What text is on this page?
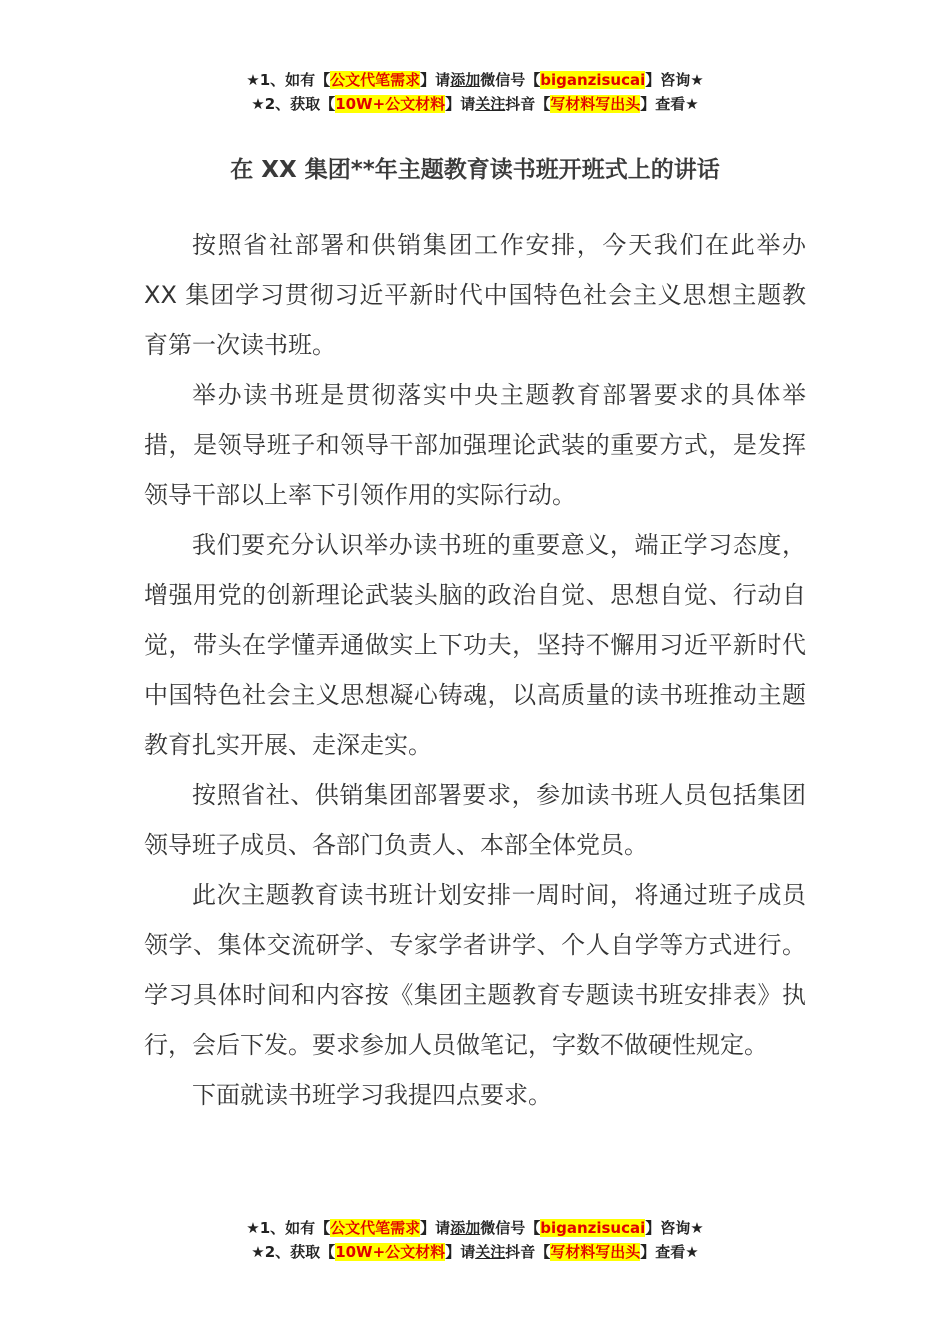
★1、如有【公文代笔需求】请添加微信号【biganzisucai】咨询★
★2、获取【10W+公文材料】请关注抖音【写材料写出头】查看★
在 XX 集团**年主题教育读书班开班式上的讲话

按照省社部署和供销集团工作安排，今天我们在此举办 XX 集团学习贯彻习近平新时代中国特色社会主义思想主题教育第一次读书班。

举办读书班是贯彻落实中央主题教育部署要求的具体举措，是领导班子和领导干部加强理论武装的重要方式，是发挥领导干部以上率下引领作用的实际行动。

我们要充分认识举办读书班的重要意义，端正学习态度，增强用党的创新理论武装头脑的政治自觉、思想自觉、行动自觉，带头在学懂弄通做实上下功夫，坚持不懈用习近平新时代中国特色社会主义思想凝心铸魂，以高质量的读书班推动主题教育扎实开展、走深走实。

按照省社、供销集团部署要求，参加读书班人员包括集团领导班子成员、各部门负责人、本部全体党员。

此次主题教育读书班计划安排一周时间，将通过班子成员领学、集体交流研学、专家学者讲学、个人自学等方式进行。学习具体时间和内容按《集团主题教育专题读书班安排表》执行，会后下发。要求参加人员做笔记，字数不做硬性规定。

下面就读书班学习我提四点要求。

★1、如有【公文代笔需求】请添加微信号【biganzisucai】咨询★
★2、获取【10W+公文材料】请关注抖音【写材料写出头】查看★
